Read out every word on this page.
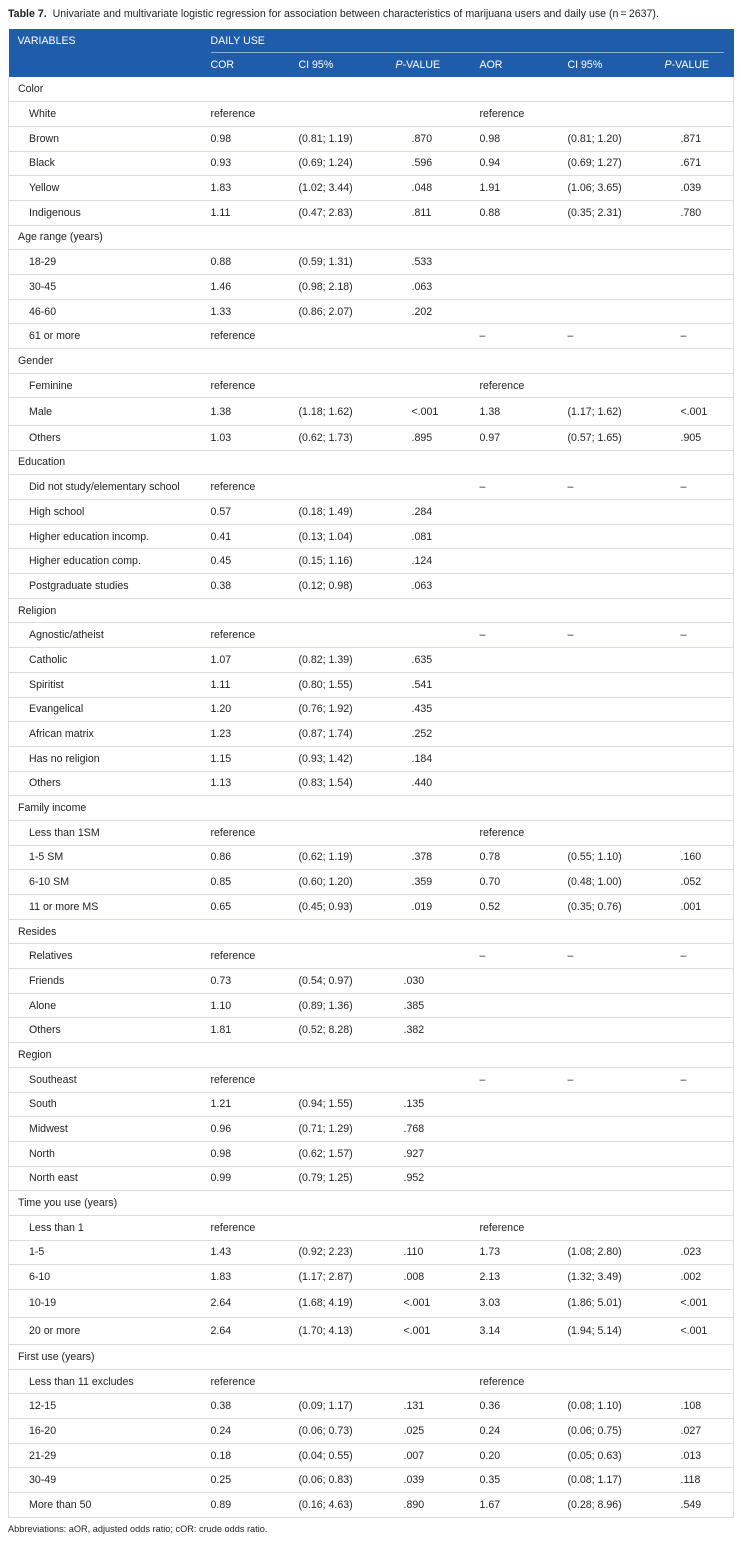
Table 7. Univariate and multivariate logistic regression for association between characteristics of marijuana users and daily use (n = 2637).
VARIABLES	DAILY USE					

	COR	CI 95%	P-VALUE	AOR	CI 95%	P-VALUE
Color						
White	reference			reference		
Brown	0.98	(0.81; 1.19)	.870	0.98	(0.81; 1.20)	.871
Black	0.93	(0.69; 1.24)	.596	0.94	(0.69; 1.27)	.671
Yellow	1.83	(1.02; 3.44)	.048	1.91	(1.06; 3.65)	.039
Indigenous	1.11	(0.47; 2.83)	.811	0.88	(0.35; 2.31)	.780
Age range (years)						
18-29	0.88	(0.59; 1.31)	.533			
30-45	1.46	(0.98; 2.18)	.063			
46-60	1.33	(0.86; 2.07)	.202			
61 or more	reference			–	–	–
Gender						
Feminine	reference			reference		
Male	1.38	(1.18; 1.62)	<.001	1.38	(1.17; 1.62)	<.001
Others	1.03	(0.62; 1.73)	.895	0.97	(0.57; 1.65)	.905
Education						
Did not study/elementary school	reference			–	–	–
High school	0.57	(0.18; 1.49)	.284			
Higher education incomp.	0.41	(0.13; 1.04)	.081			
Higher education comp.	0.45	(0.15; 1.16)	.124			
Postgraduate studies	0.38	(0.12; 0.98)	.063			
Religion						
Agnostic/atheist	reference			–	–	–
Catholic	1.07	(0.82; 1.39)	.635			
Spiritist	1.11	(0.80; 1.55)	.541			
Evangelical	1.20	(0.76; 1.92)	.435			
African matrix	1.23	(0.87; 1.74)	.252			
Has no religion	1.15	(0.93; 1.42)	.184			
Others	1.13	(0.83; 1.54)	.440			
Family income						
Less than 1SM	reference			reference		
1-5 SM	0.86	(0.62; 1.19)	.378	0.78	(0.55; 1.10)	.160
6-10 SM	0.85	(0.60; 1.20)	.359	0.70	(0.48; 1.00)	.052
11 or more MS	0.65	(0.45; 0.93)	.019	0.52	(0.35; 0.76)	.001
Resides						
Relatives	reference			–	–	–
Friends	0.73	(0.54; 0.97)	.030			
Alone	1.10	(0.89; 1.36)	.385			
Others	1.81	(0.52; 8.28)	.382			
Region						
Southeast	reference			–	–	–
South	1.21	(0.94; 1.55)	.135			
Midwest	0.96	(0.71; 1.29)	.768			
North	0.98	(0.62; 1.57)	.927			
North east	0.99	(0.79; 1.25)	.952			
Time you use (years)						
Less than 1	reference			reference		
1-5	1.43	(0.92; 2.23)	.110	1.73	(1.08; 2.80)	.023
6-10	1.83	(1.17; 2.87)	.008	2.13	(1.32; 3.49)	.002
10-19	2.64	(1.68; 4.19)	<.001	3.03	(1.86; 5.01)	<.001
20 or more	2.64	(1.70; 4.13)	<.001	3.14	(1.94; 5.14)	<.001
First use (years)						
Less than 11 excludes	reference			reference		
12-15	0.38	(0.09; 1.17)	.131	0.36	(0.08; 1.10)	.108
16-20	0.24	(0.06; 0.73)	.025	0.24	(0.06; 0.75)	.027
21-29	0.18	(0.04; 0.55)	.007	0.20	(0.05; 0.63)	.013
30-49	0.25	(0.06; 0.83)	.039	0.35	(0.08; 1.17)	.118
More than 50	0.89	(0.16; 4.63)	.890	1.67	(0.28; 8.96)	.549
Abbreviations: aOR, adjusted odds ratio; cOR: crude odds ratio.
